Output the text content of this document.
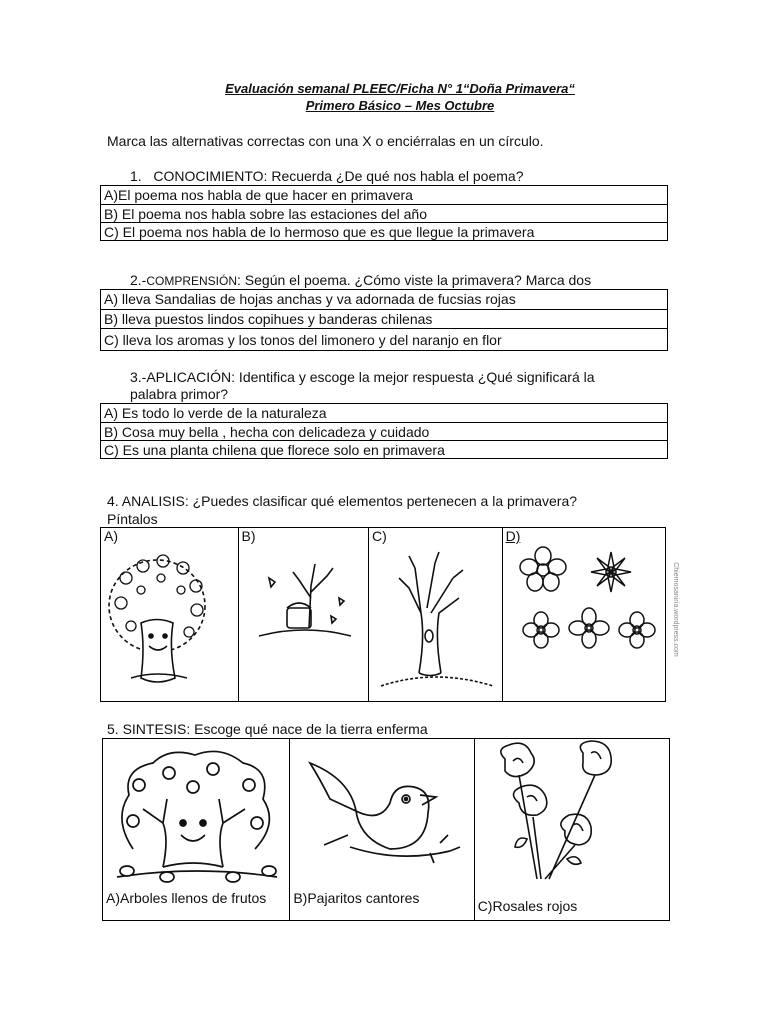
Evaluación semanal PLEEC/Ficha N° 1“Doña Primavera“
Primero Básico – Mes Octubre
Marca las alternativas correctas con una X o enciérralas en un círculo.
1. CONOCIMIENTO: Recuerda ¿De qué nos habla el poema?
A)El poema nos habla de que hacer en primavera
B) El poema nos habla sobre las estaciones del año
C) El poema nos habla de lo hermoso que es que llegue la primavera
2.-COMPRENSIÓN: Según el poema. ¿Cómo viste la primavera? Marca dos
A) lleva Sandalias de hojas anchas y va adornada de fucsias rojas
B) lleva puestos lindos copihues y banderas chilenas
C) lleva los aromas y los tonos del limonero y del naranjo en flor
3.-APLICACIÓN: Identifica y escoge la mejor respuesta ¿Qué significará la
palabra primor?
A) Es todo lo verde de la naturaleza
B) Cosa muy bella , hecha con delicadeza y cuidado
C) Es una planta chilena que florece solo en primavera
4. ANALISIS: ¿Puedes clasificar qué elementos pertenecen a la primavera?
Píntalos
A)	B)	C)	D)
Chiemosaniría.wordpress.com
5. SINTESIS: Escoge qué nace de la tierra enferma
A)Arboles llenos de frutos B)Pajaritos cantores	C)Rosales rojos
